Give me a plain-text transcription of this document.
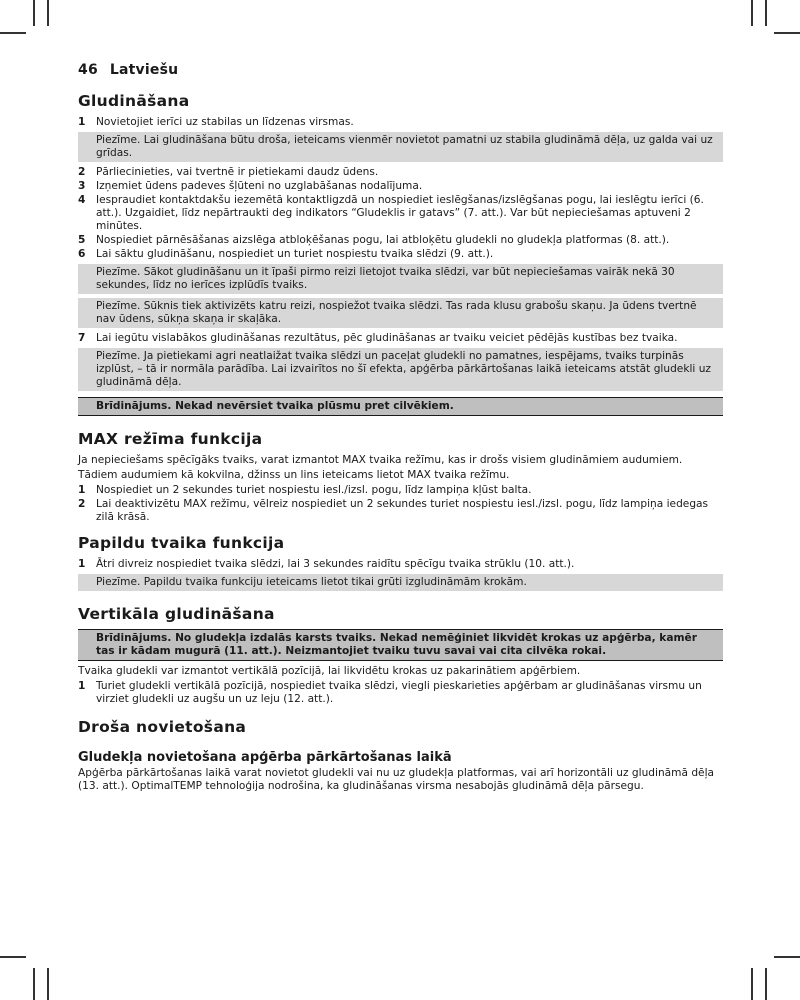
46 Latviešu
Gludināšana
1	Novietojiet ierīci uz stabilas un līdzenas virsmas.
Piezīme. Lai gludināšana būtu droša, ieteicams vienmēr novietot pamatni uz stabila gludināmā dēļa, uz galda vai uz grīdas.
2	Pārliecinieties, vai tvertnē ir pietiekami daudz ūdens.
3	Izņemiet ūdens padeves šļūteni no uzglabāšanas nodalījuma.
4	Iespraudiet kontaktdakšu iezemētā kontaktligzdā un nospiediet ieslēgšanas/izslēgšanas pogu, lai ieslēgtu ierīci (6. att.). Uzgaidiet, līdz nepārtraukti deg indikators “Gludeklis ir gatavs” (7. att.). Var būt nepieciešamas aptuveni 2 minūtes.
5	Nospiediet pārnēsāšanas aizslēga atbloķēšanas pogu, lai atbloķētu gludekli no gludekļa platformas (8. att.).
6	Lai sāktu gludināšanu, nospiediet un turiet nospiestu tvaika slēdzi (9. att.).
Piezīme. Sākot gludināšanu un it īpaši pirmo reizi lietojot tvaika slēdzi, var būt nepieciešamas vairāk nekā 30 sekundes, līdz no ierīces izplūdīs tvaiks.
Piezīme. Sūknis tiek aktivizēts katru reizi, nospiežot tvaika slēdzi. Tas rada klusu grabošu skaņu. Ja ūdens tvertnē nav ūdens, sūkņa skaņa ir skaļāka.
7	Lai iegūtu vislabākos gludināšanas rezultātus, pēc gludināšanas ar tvaiku veiciet pēdējās kustības bez tvaika.
Piezīme. Ja pietiekami agri neatlaižat tvaika slēdzi un paceļat gludekli no pamatnes, iespējams, tvaiks turpinās izplūst, – tā ir normāla parādība. Lai izvairītos no šī efekta, apģērba pārkārtošanas laikā ieteicams atstāt gludekli uz gludināmā dēļa.
Brīdinājums. Nekad nevērsiet tvaika plūsmu pret cilvēkiem.
MAX režīma funkcija
Ja nepieciešams spēcīgāks tvaiks, varat izmantot MAX tvaika režīmu, kas ir drošs visiem gludināmiem audumiem.
Tādiem audumiem kā kokvilna, džinss un lins ieteicams lietot MAX tvaika režīmu.
1	Nospiediet un 2 sekundes turiet nospiestu iesl./izsl. pogu, līdz lampiņa kļūst balta.
2	Lai deaktivizētu MAX režīmu, vēlreiz nospiediet un 2 sekundes turiet nospiestu iesl./izsl. pogu, līdz lampiņa iedegas zilā krāsā.
Papildu tvaika funkcija
1	Ātri divreiz nospiediet tvaika slēdzi, lai 3 sekundes raidītu spēcīgu tvaika strūklu (10. att.).
Piezīme. Papildu tvaika funkciju ieteicams lietot tikai grūti izgludināmām krokām.
Vertikāla gludināšana
Brīdinājums. No gludekļa izdalās karsts tvaiks. Nekad nemēģiniet likvidēt krokas uz apģērba, kamēr tas ir kādam mugurā (11. att.). Neizmantojiet tvaiku tuvu savai vai cita cilvēka rokai.
Tvaika gludekli var izmantot vertikālā pozīcijā, lai likvidētu krokas uz pakarinātiem apģērbiem.
1	Turiet gludekli vertikālā pozīcijā, nospiediet tvaika slēdzi, viegli pieskarieties apģērbam ar gludināšanas virsmu un virziet gludekli uz augšu un uz leju (12. att.).
Droša novietošana
Gludekļa novietošana apģērba pārkārtošanas laikā
Apģērba pārkārtošanas laikā varat novietot gludekli vai nu uz gludekļa platformas, vai arī horizontāli uz gludināmā dēļa (13. att.). OptimalTEMP tehnoloģija nodrošina, ka gludināšanas virsma nesabojās gludināmā dēļa pārsegu.
